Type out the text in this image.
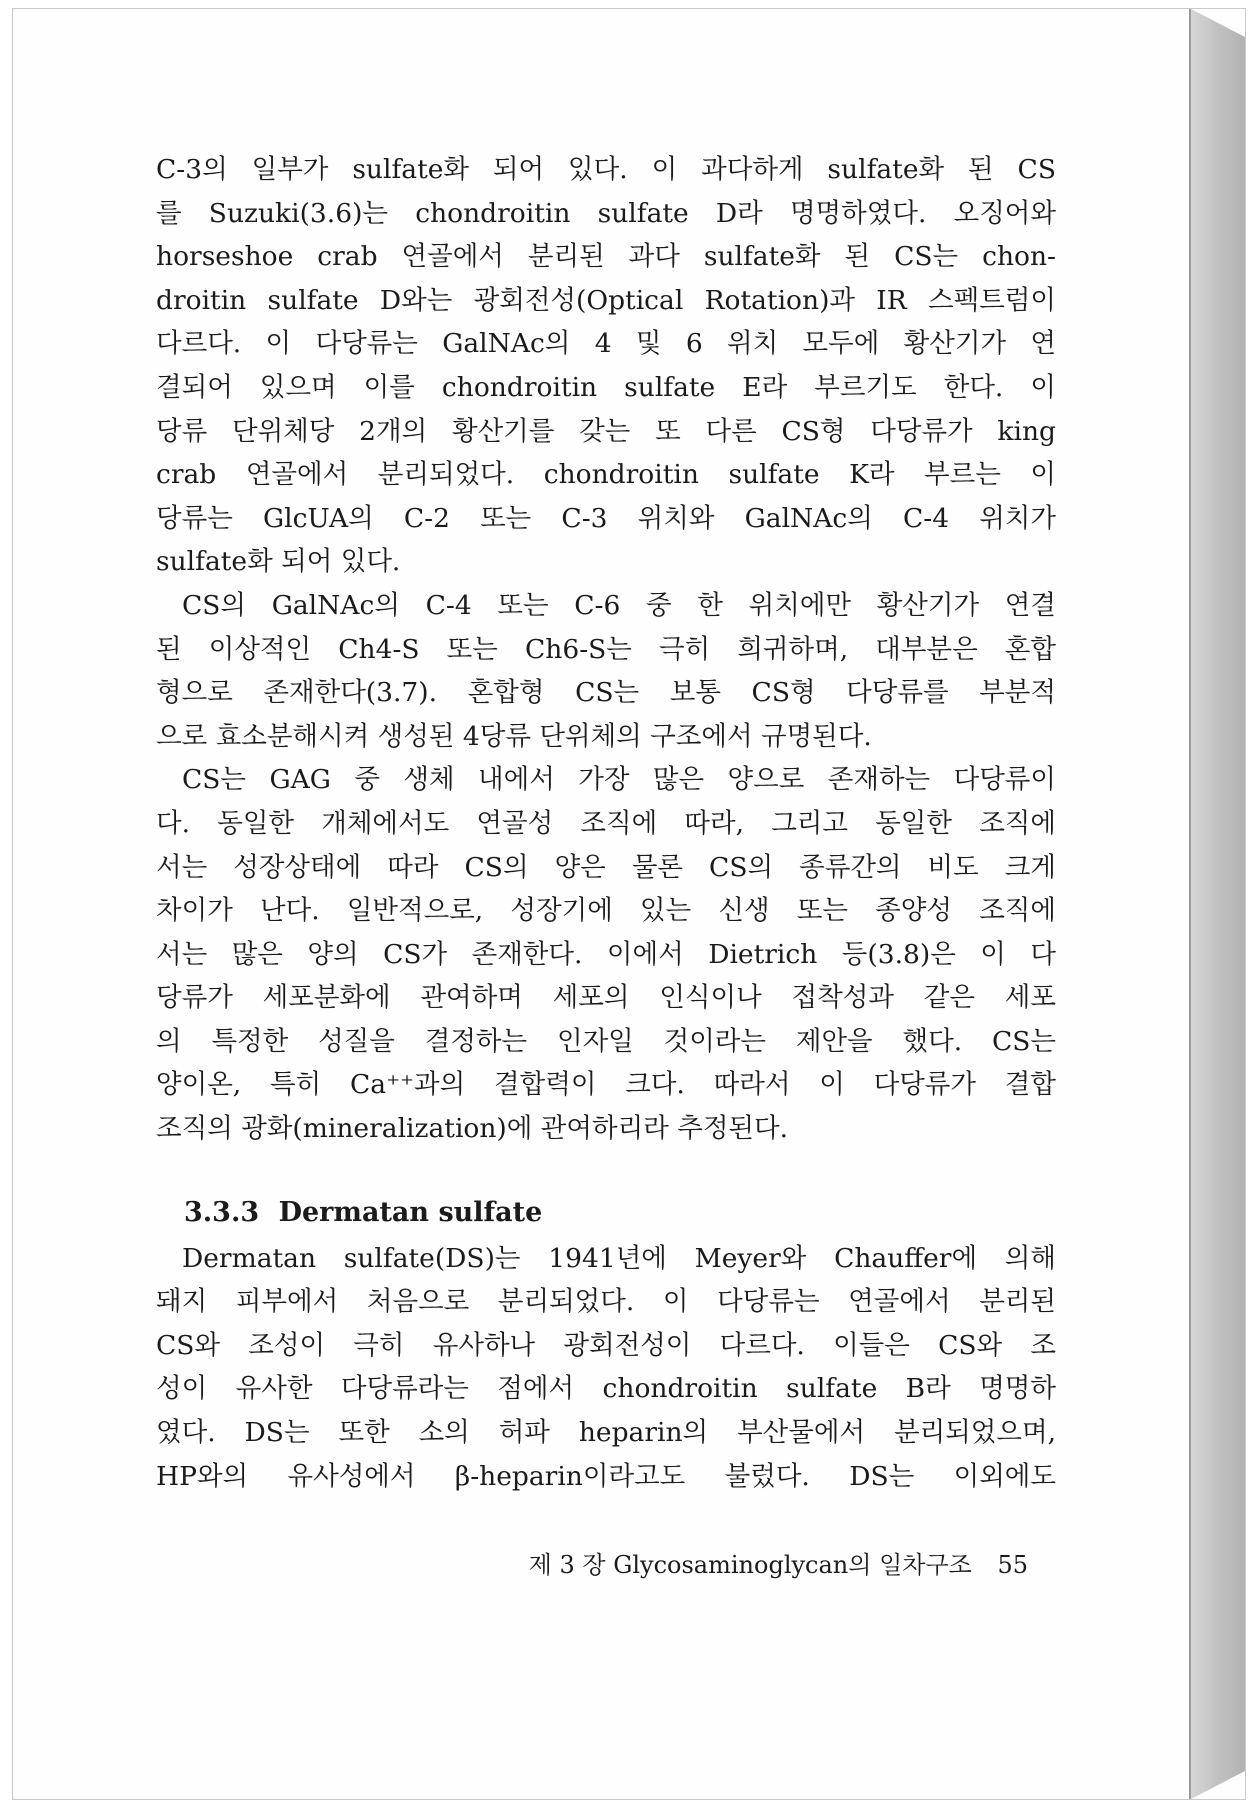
C-3의 일부가 sulfate화 되어 있다. 이 과다하게 sulfate화 된 CS
를 Suzuki(3.6)는 chondroitin sulfate D라 명명하였다. 오징어와
horseshoe crab 연골에서 분리된 과다 sulfate화 된 CS는 chon-
droitin sulfate D와는 광회전성(Optical Rotation)과 IR 스펙트럼이
다르다. 이 다당류는 GalNAc의 4 및 6 위치 모두에 황산기가 연
결되어 있으며 이를 chondroitin sulfate E라 부르기도 한다. 이
당류 단위체당 2개의 황산기를 갖는 또 다른 CS형 다당류가 king
crab 연골에서 분리되었다. chondroitin sulfate K라 부르는 이
당류는 GlcUA의 C-2 또는 C-3 위치와 GalNAc의 C-4 위치가
sulfate화 되어 있다.
CS의 GalNAc의 C-4 또는 C-6 중 한 위치에만 황산기가 연결
된 이상적인 Ch4-S 또는 Ch6-S는 극히 희귀하며, 대부분은 혼합
형으로 존재한다(3.7). 혼합형 CS는 보통 CS형 다당류를 부분적
으로 효소분해시켜 생성된 4당류 단위체의 구조에서 규명된다.
CS는 GAG 중 생체 내에서 가장 많은 양으로 존재하는 다당류이
다. 동일한 개체에서도 연골성 조직에 따라, 그리고 동일한 조직에
서는 성장상태에 따라 CS의 양은 물론 CS의 종류간의 비도 크게
차이가 난다. 일반적으로, 성장기에 있는 신생 또는 종양성 조직에
서는 많은 양의 CS가 존재한다. 이에서 Dietrich 등(3.8)은 이 다
당류가 세포분화에 관여하며 세포의 인식이나 접착성과 같은 세포
의 특정한 성질을 결정하는 인자일 것이라는 제안을 했다. CS는
양이온, 특히 Ca⁺⁺과의 결합력이 크다. 따라서 이 다당류가 결합
조직의 광화(mineralization)에 관여하리라 추정된다.
3.3.3 Dermatan sulfate
Dermatan sulfate(DS)는 1941년에 Meyer와 Chauffer에 의해
돼지 피부에서 처음으로 분리되었다. 이 다당류는 연골에서 분리된
CS와 조성이 극히 유사하나 광회전성이 다르다. 이들은 CS와 조
성이 유사한 다당류라는 점에서 chondroitin sulfate B라 명명하
였다. DS는 또한 소의 허파 heparin의 부산물에서 분리되었으며,
HP와의 유사성에서 β-heparin이라고도 불렀다. DS는 이외에도
제 3 장 Glycosaminoglycan의 일차구조 55
